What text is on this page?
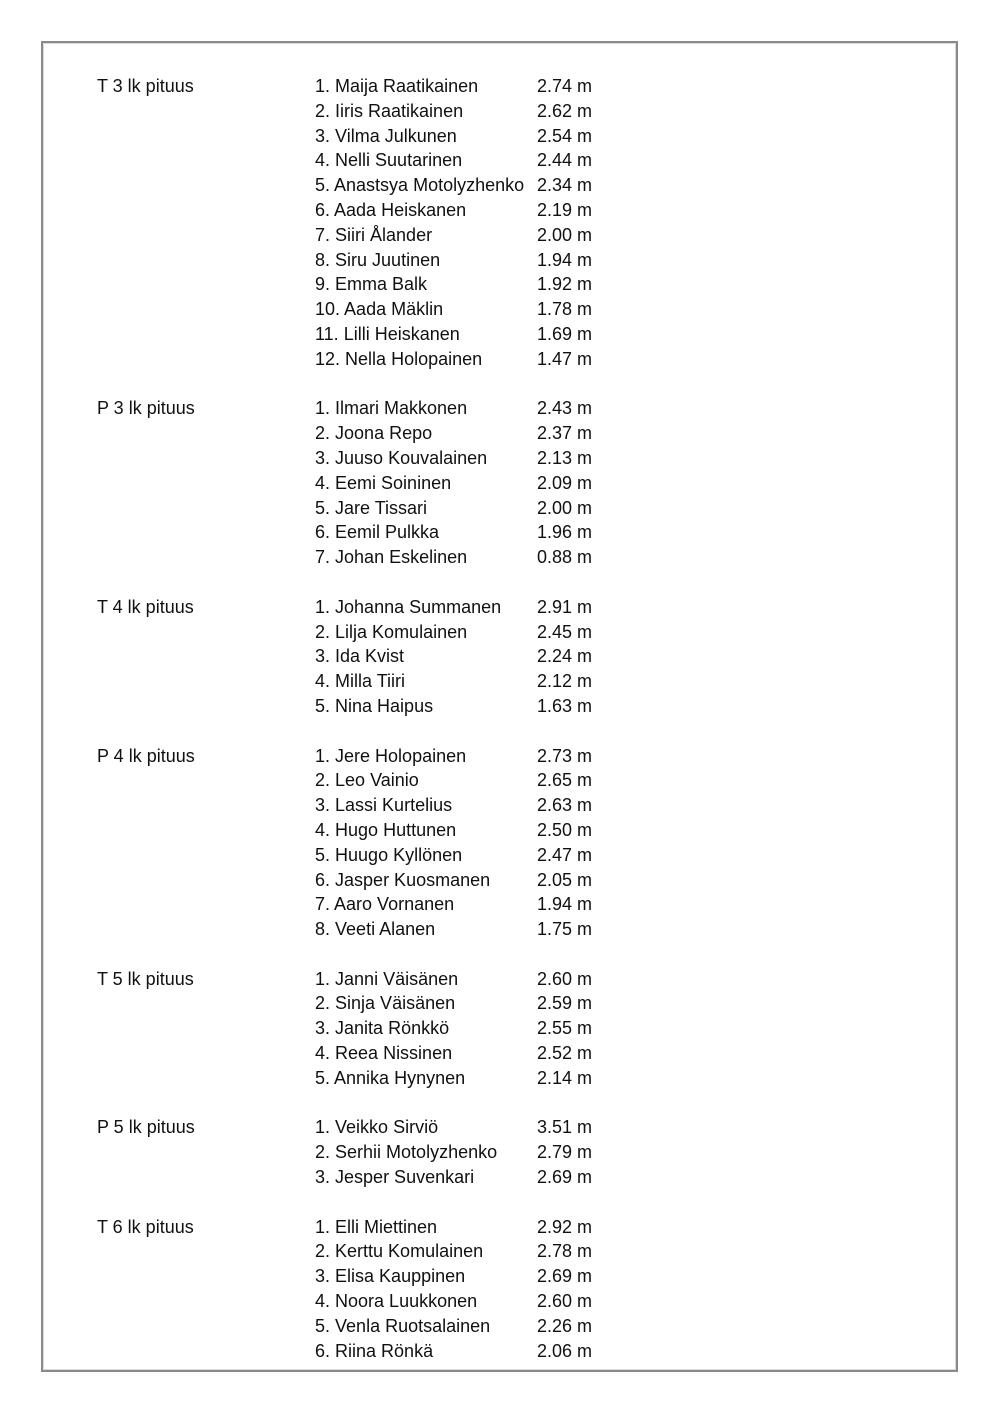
T 3 lk pituus	1. Maija Raatikainen	2.74 m
2. Iiris Raatikainen	2.62 m
3. Vilma Julkunen	2.54 m
4. Nelli Suutarinen	2.44 m
5. Anastsya Motolyzhenko 2.34 m
6. Aada Heiskanen	2.19 m
7. Siiri Ålander	2.00 m
8. Siru Juutinen	1.94 m
9. Emma Balk	1.92 m
10. Aada Mäklin	1.78 m
11. Lilli Heiskanen	1.69 m
12. Nella Holopainen	1.47 m
P 3 lk pituus	1. Ilmari Makkonen	2.43 m
2. Joona Repo	2.37 m
3. Juuso Kouvalainen	2.13 m
4. Eemi Soininen	2.09 m
5. Jare Tissari	2.00 m
6. Eemil Pulkka	1.96 m
7. Johan Eskelinen	0.88 m
T 4 lk pituus	1. Johanna Summanen 2.91 m
2. Lilja Komulainen	2.45 m
3. Ida Kvist	2.24 m
4. Milla Tiiri	2.12 m
5. Nina Haipus	1.63 m
P 4 lk pituus	1. Jere Holopainen	2.73 m
2. Leo Vainio	2.65 m
3. Lassi Kurtelius	2.63 m
4. Hugo Huttunen	2.50 m
5. Huugo Kyllönen	2.47 m
6. Jasper Kuosmanen	2.05 m
7. Aaro Vornanen	1.94 m
8. Veeti Alanen	1.75 m
T 5 lk pituus	1. Janni Väisänen	2.60 m
2. Sinja Väisänen	2.59 m
3. Janita Rönkkö	2.55 m
4. Reea Nissinen	2.52 m
5. Annika Hynynen	2.14 m
P 5 lk pituus	1. Veikko Sirviö	3.51 m
2. Serhii Motolyzhenko 2.79 m
3. Jesper Suvenkari	2.69 m
T 6 lk pituus	1. Elli Miettinen	2.92 m
2. Kerttu Komulainen	2.78 m
3. Elisa Kauppinen	2.69 m
4. Noora Luukkonen	2.60 m
5. Venla Ruotsalainen	2.26 m
6. Riina Rönkä	2.06 m
